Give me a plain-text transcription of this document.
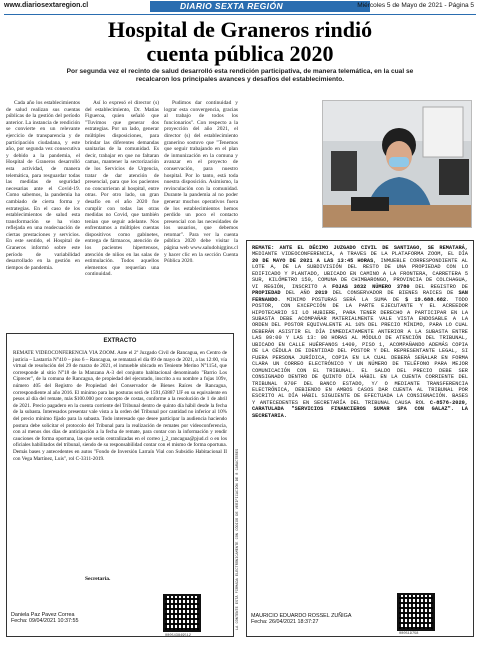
www.diariosextaregion.cl	DIARIO SEXTA REGIÓN	Miércoles 5 de Mayo de 2021 - Página 5
Hospital de Graneros rindió
cuenta pública 2020
Por segunda vez el recinto de salud desarrolló esta rendición participativa, de manera telemática, en la cual se recalcaron los principales avances y desafíos del establecimiento.

Cada año los establecimientos de salud realizan sus cuentas públicas de la gestión del período anterior. La instancia de rendición se convierte en un relevante ejercicio de transparencia y de participación ciudadana, y este año, por segunda vez consecutiva y debido a la pandemia, el Hospital de Graneros desarrolló esta actividad, de manera telemática, para resguardar todas las medidas de seguridad necesarias ante el Covid-19. Como sabemos, la pandemia ha cambiado de cierta forma y estrategias. En el caso de los establecimientos de salud esta transformación se ha visto reflejada en una readecuación de ciertas prestaciones y servicios. En este sentido, el Hospital de Graneros informó sobre este período de variabilidad desarrollado en la gestión en tiempos de pandemia.

Así lo expresó el director (s) del establecimiento, Dr. Matías Figueroa, quien señaló que "Tuvimos que generar dos estrategias. Por un lado, generar múltiples disposiciones, para brindar las diferentes demandas sanitarias de la comunidad. Es decir, trabajar en que no faltaran camas, mantener la sectorización de los Servicios de Urgencia, tratar de dar atención de presencial, para que los pacientes no concurrieran al hospital, entre otras. Por otro lado, un gran desafío en el año 2020 fue cumplir con todas las otras medidas no Covid, que también tenían que seguir adelante. Nos enfrentamos a múltiples cuentas dispositivos como gabinetes, entrega de fármacos, atención de los pacientes hipertensos, atención de niños en las salas de estimulación. Todos aquellos elementos que requerían una continuidad.

Pudimos dar continuidad y lograr esta convergencia, gracias al trabajo de todos los funcionarios". Con respecto a la proyección del año 2021, el director (s) del establecimiento graneríno sostuvo que "Tenemos que seguir trabajando en el plan de inmunización en la comuna y avanzar en el proyecto de conservación, para nuestro hospital. Por lo tanto, está toda nuestra disposición. Asimismo, la revinculación con la comunidad. Durante la pandemia al no poder generar muchos operativos fuera de los establecimientos hemos perdido un poco el contacto presencial con las necesidades de los usuarios, que debemos retomar". Para ver la cuenta pública 2020 debe visitar la página web www.saludohiggins.cl y hacer clic en la sección Cuenta Pública 2020.

EXTRACTO
REMATE VIDEOCONFERENCIA VIA ZOOM. Ante el 2º Juzgado Civil de Rancagua, en Centro de justicia – Lastarria N°410 – piso 6 – Rancagua, se rematará el día 09 de mayo de 2021, a las 12:00, vía virtual de resolución del 29 de marzo de 2021, el inmueble ubicado en Teniente Merino N°1154, que corresponde al sitio N°18 de la Manzana A-3 del conjunto habitacional denominado "Barrio Los Ciprecer", de la comuna de Rancagua, de propiedad del ejecutado, inscrito a su nombre a fojas 109v, número 405 del Registro de Propiedad del Conservador de Bienes Raíces de Rancagua, correspondiente al año 2016. El mínimo para las posturas será de 1591,63887 UF en su equivalente en pesos al día del remate, más $100.000 por concepto de costas, conforme a la resolución de 1 de abril de 2021. Precio pagadero en la cuenta corriente del Tribunal dentro de quinto día hábil desde la fecha de la subasta. Interesados presentar vale vista a la orden del Tribunal por cantidad no inferior al 10% del precio mínimo fijado para la subasta. Todo interesado que desee participar la audiencia haciendo postura debe solicitar el protocolo del Tribunal para la realización de remates por videoconferencia, con al menos dos días de anticipación a la fecha de remate, para contar con la información y rendir cauciones de forma oportuna, las que serán centralizadas en el correo j_2_rancagua@pjud.cl o en los oficiales habilitados del tribunal, siendo de su responsabilidad contar con el mismo de forma oportuna. Demás bases y antecedentes en autos "Fondo de Inversión Larraín Vial con Subsidio Habitacional II con Vega Martínez, Luis", rol C-3311-2019.
Secretaria.
Daniela Paz Pavez Correa
Fecha: 09/04/2021 10:37:55
000543849512
LA CONTENTE ESTÁ FIRMADA ELECTRÓNICAMENTE CON CÓDIGO DE VERIFICACIÓN DE 8 CARACTERES
REMATE: ANTE EL DÉCIMO JUZGADO CIVIL DE SANTIAGO, SE REMATARÁ, MEDIANTE VIDEOCONFERENCIA, A TRAVES DE LA PLATAFORMA ZOOM, EL DÍA 20 DE MAYO DE 2021 A LAS 13:45 HORAS, INMUEBLE CORRESPONDIENTE AL LOTE A, DE LA SUBDIVISIÓN DEL RESTO DE UNA PROPIEDAD CON LO EDIFICADO Y PLANTADO, UBICADO EN CAMINO A LA FRONTERA, CARRETERA 5 SUR, KILÓMETRO 150, COMUNA DE CHIMBARONGO, PROVINCIA DE COLCHAGUA, VI REGIÓN, INSCRITO A FOJAS 3832 NÚMERO 3780 DEL REGISTRO DE PROPIEDAD DEL AÑO 2019 DEL CONSERVADOR DE BIENES RAICES DE SAN FERNANDO. MINIMO POSTURAS SERÁ LA SUMA DE $ 19.688.682. TODO POSTOR, CON EXCEPCIÓN DE LA PARTE EJECUTANTE Y EL ACREEDOR HIPOTECARIO SI LO HUBIERE, PARA TENER DERECHO A PARTICIPAR EN LA SUBASTA DEBE ACOMPAÑAR MATERIALMENTE VALE VISTA ENDOSABLE A LA ORDEN DEL POSTOR EQUIVALENTE AL 10% DEL PRECIO MÍNIMO, PARA LO CUAL DEBERÁN ASISTIR EL DÍA INMEDIATAMENTE ANTERIOR A LA SUBASTA ENTRE LAS 09:00 Y LAS 13: 00 HORAS AL MÓDULO DE ATENCIÓN DEL TRIBUNAL, UBICADO EN CALLE HUÉRFANOS 1409, PISO 1, ACOMPAÑANDO ADEMÁS COPIA DE LA CÉDULA DE IDENTIDAD DEL POSTOR Y DEL REPRESENTANTE LEGAL, SI FUERA PERSONA JURÍDICA, COPIA EN LA CUAL DEBERÁ SEÑALAR EN FORMA CLARA UN CORREO ELECTRÓNICO Y UN NÚMERO DE TELÉFONO PARA MEJOR COMUNICACIÓN CON EL TRIBUNAL. EL SALDO DEL PRECIO DEBE SER CONSIGNADO DENTRO DE QUINTO DÍA HÁBIL EN LA CUENTA CORRIENTE DEL TRIBUNAL 970F DEL BANCO ESTADO, Y/ O MEDIANTE TRANSFERENCIA ELECTRÓNICA, DEBIENDO EN AMBOS CASOS DAR CUENTA AL TRIBUNAL POR ESCRITO AL DÍA HÁBIL SIGUIENTE DE EFECTUADA LA CONSIGNACIÓN. BASES Y ANTECEDENTES EN SECRETARÍA DEL TRIBUNAL CAUSA ROL C-8576-2020, CARATULADA "SERVICIOS FINANCIEROS SUMAR SPA CON GALAZ". LA SECRETARIA.
MAURICIO EDUARDO ROSSEL ZUÑIGA
Fecha: 26/04/2021 18:37:27
000519758
